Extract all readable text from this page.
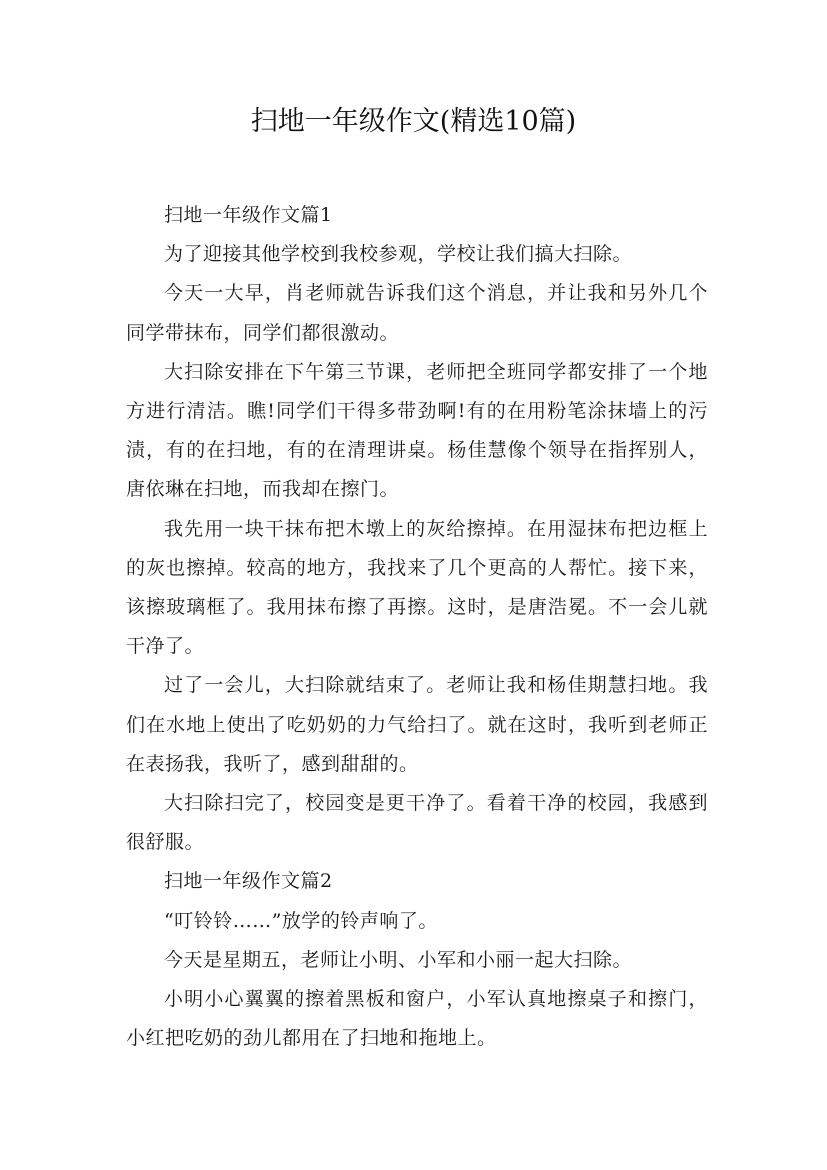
扫地一年级作文(精选10篇)

扫地一年级作文篇1

为了迎接其他学校到我校参观，学校让我们搞大扫除。

今天一大早，肖老师就告诉我们这个消息，并让我和另外几个同学带抹布，同学们都很激动。

大扫除安排在下午第三节课，老师把全班同学都安排了一个地方进行清洁。瞧!同学们干得多带劲啊!有的在用粉笔涂抹墙上的污渍，有的在扫地，有的在清理讲桌。杨佳慧像个领导在指挥别人，唐依琳在扫地，而我却在擦门。

我先用一块干抹布把木墩上的灰给擦掉。在用湿抹布把边框上的灰也擦掉。较高的地方，我找来了几个更高的人帮忙。接下来，该擦玻璃框了。我用抹布擦了再擦。这时，是唐浩冕。不一会儿就干净了。

过了一会儿，大扫除就结束了。老师让我和杨佳期慧扫地。我们在水地上使出了吃奶奶的力气给扫了。就在这时，我听到老师正在表扬我，我听了，感到甜甜的。

大扫除扫完了，校园变是更干净了。看着干净的校园，我感到很舒服。

扫地一年级作文篇2

“叮铃铃……”放学的铃声响了。

今天是星期五，老师让小明、小军和小丽一起大扫除。

小明小心翼翼的擦着黑板和窗户，小军认真地擦桌子和擦门，小红把吃奶的劲儿都用在了扫地和拖地上。
